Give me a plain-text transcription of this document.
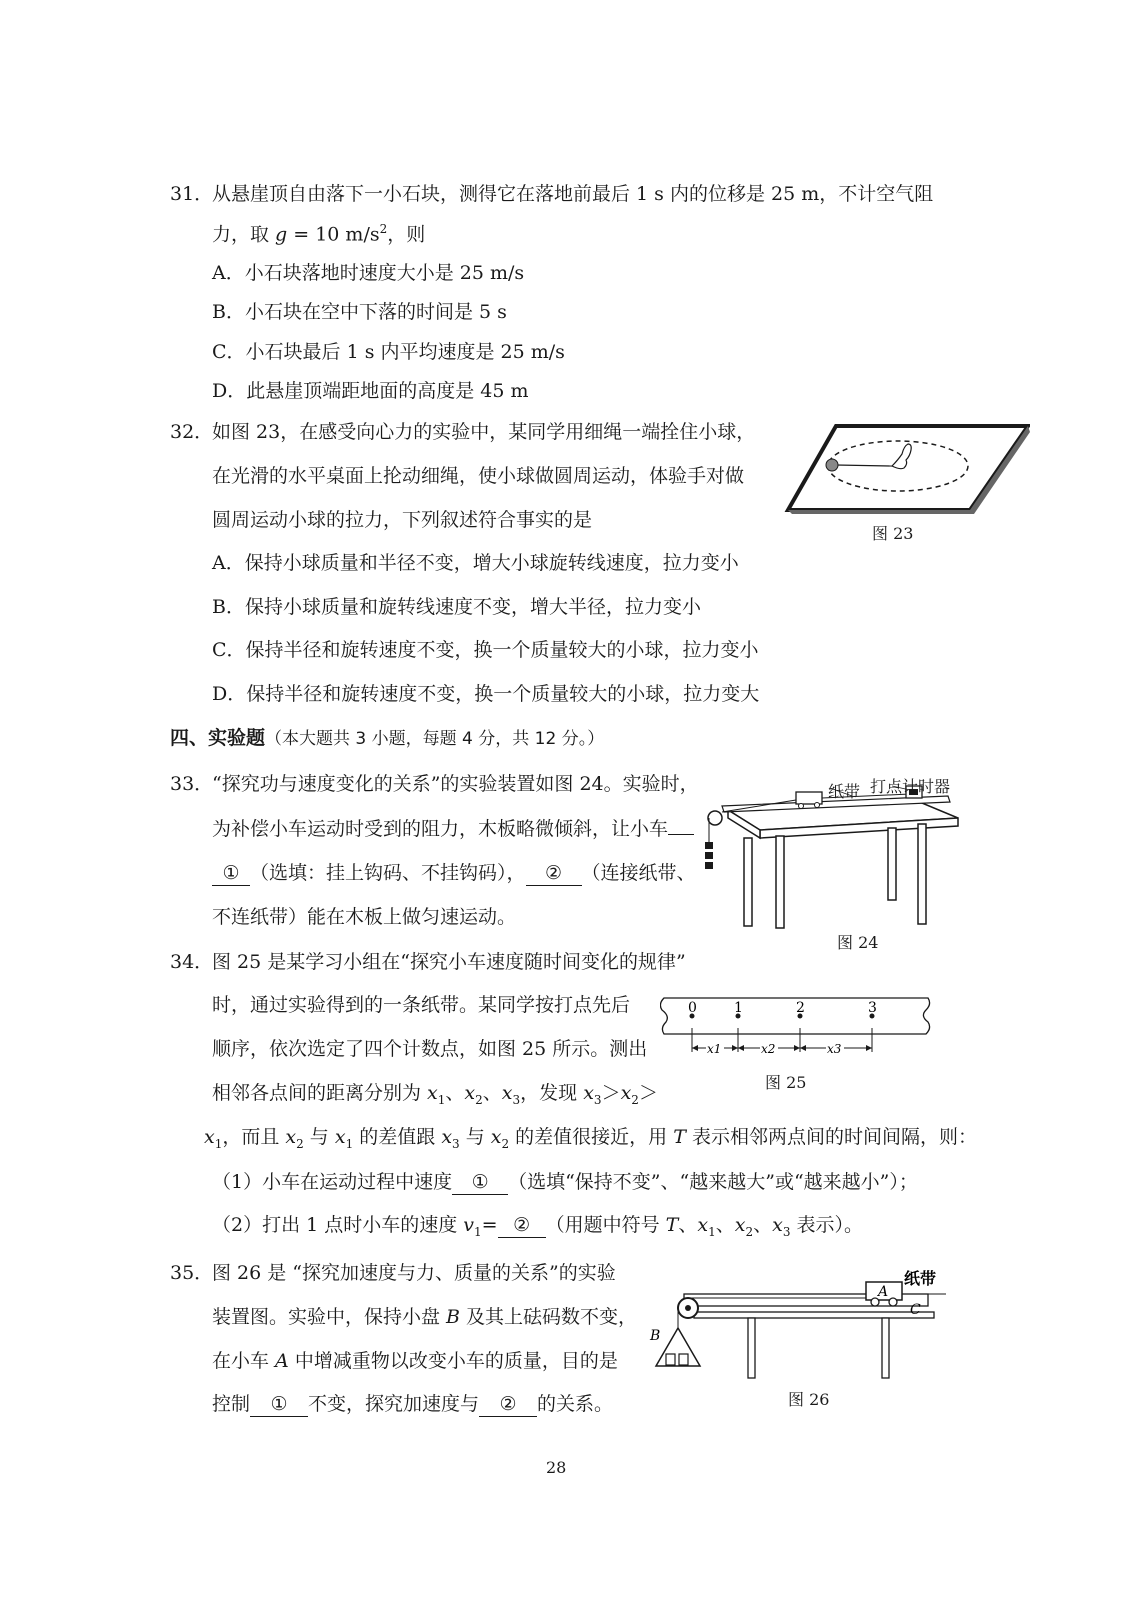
31．
从悬崖顶自由落下一小石块，测得它在落地前最后 1 s 内的位移是 25 m，不计空气阻
力，取 g = 10 $m/s^2$，则
A．小石块落地时速度大小是 25 m/s
B．小石块在空中下落的时间是 5 s
C．小石块最后 1 s 内平均速度是 25 m/s
D．此悬崖顶端距地面的高度是 45 m
32．
如图 23，在感受向心力的实验中，某同学用细绳一端拴住小球，
在光滑的水平桌面上抡动细绳，使小球做圆周运动，体验手对做
圆周运动小球的拉力，下列叙述符合事实的是
A．保持小球质量和半径不变，增大小球旋转线速度，拉力变小
B．保持小球质量和旋转线速度不变，增大半径，拉力变小
C．保持半径和旋转速度不变，换一个质量较大的小球，拉力变小
D．保持半径和旋转速度不变，换一个质量较大的小球，拉力变大
图 23
四、实验题（本大题共 3 小题，每题 4 分，共 12 分。）
33．
“探究功与速度变化的关系”的实验装置如图 24。实验时，
为补偿小车运动时受到的阻力，木板略微倾斜，让小车
① （选填：挂上钩码、不挂钩码）， ② （连接纸带、
不连纸带）能在木板上做匀速运动。
纸带 打点计时器
图 24
34．
图 25 是某学习小组在“探究小车速度随时间变化的规律”
时，通过实验得到的一条纸带。某同学按打点先后
顺序，依次选定了四个计数点，如图 25 所示。测出
相邻各点间的距离分别为 $x_1$、$x_2$、$x_3$，发现 $x_3>x_2>$
$x_1$，而且 $x_2$ 与 $x_1$ 的差值跟 $x_3$ 与 $x_2$ 的差值很接近，用 T 表示相邻两点间的时间间隔，则：
（1）小车在运动过程中速度 ① （选填“保持不变”、“越来越大”或“越来越小”）；
（2）打出 1 点时小车的速度 $v_1=$ ② （用题中符号 T、$x_1$、$x_2$、$x_3$ 表示）。
0	1	2	3
x1	x2	x3
图 25
35．
图 26 是 “探究加速度与力、质量的关系”的实验
装置图。实验中，保持小盘 B 及其上砝码数不变，
在小车 A 中增减重物以改变小车的质量，目的是
控制 ① 不变，探究加速度与 ② 的关系。
A
C
纸带
B
图 26
28
